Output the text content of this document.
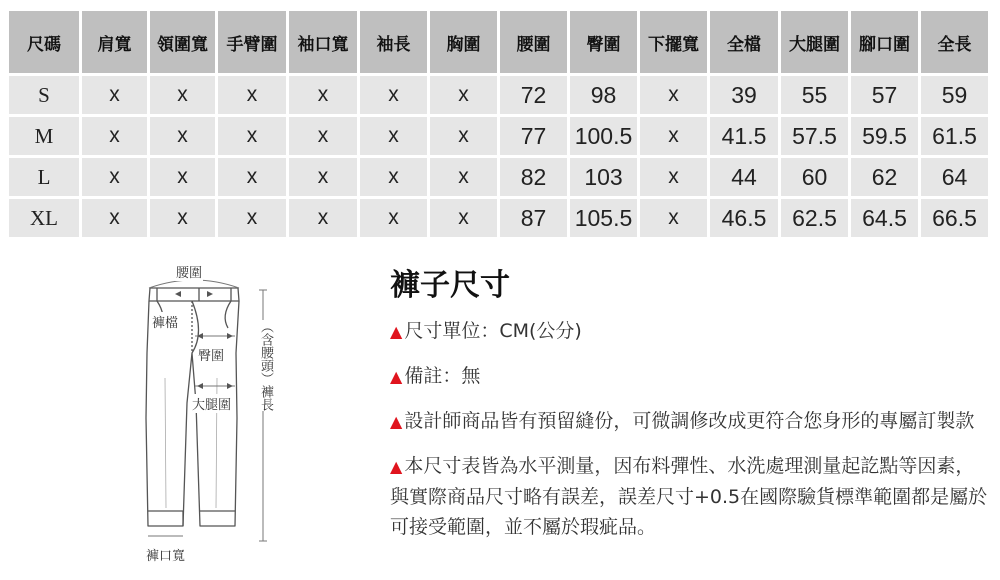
尺碼	肩寬	領圍寬	手臂圍	袖口寬	袖長	胸圍	腰圍	臀圍	下擺寬	全檔	大腿圍	腳口圍	全長
S	x	x	x	x	x	x	72	98	x	39	55	57	59
M	x	x	x	x	x	x	77	100.5	x	41.5	57.5	59.5	61.5
L	x	x	x	x	x	x	82	103	x	44	60	62	64
XL	x	x	x	x	x	x	87	105.5	x	46.5	62.5	64.5	66.5
腰圍
褲檔
臀圍
大腿圍
褲口寬
（含腰頭）褲長
褲子尺寸

▲ 尺寸單位：CM(公分)

▲ 備註：無

▲ 設計師商品皆有預留縫份，可微調修改成更符合您身形的專屬訂製款

▲ 本尺寸表皆為水平測量，因布料彈性、水洗處理測量起訖點等因素，與實際商品尺寸略有誤差，誤差尺寸+0.5在國際驗貨標準範圍都是屬於可接受範圍，並不屬於瑕疵品。
